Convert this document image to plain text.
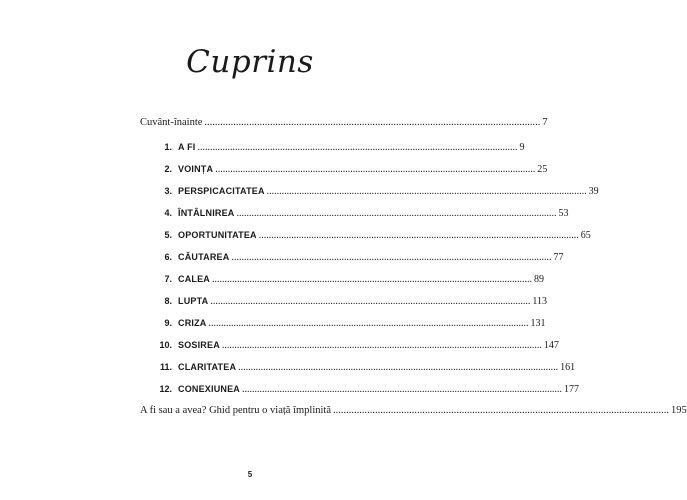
Cuprins
Cuvânt-înainte ................................................................................................................................ 7
1. A FI ................................................................................................................................ 9
2. VOINȚA ................................................................................................................................ 25
3. PERSPICACITATEA ................................................................................................................................ 39
4. ÎNTÂLNIREA ................................................................................................................................ 53
5. OPORTUNITATEA ................................................................................................................................ 65
6. CĂUTAREA ................................................................................................................................ 77
7. CALEA ................................................................................................................................ 89
8. LUPTA ................................................................................................................................ 113
9. CRIZA ................................................................................................................................ 131
10. SOSIREA ................................................................................................................................ 147
11. CLARITATEA ................................................................................................................................ 161
12. CONEXIUNEA ................................................................................................................................ 177
A fi sau a avea? Ghid pentru o viață împlinită ................................................................................................................................ 195
5
